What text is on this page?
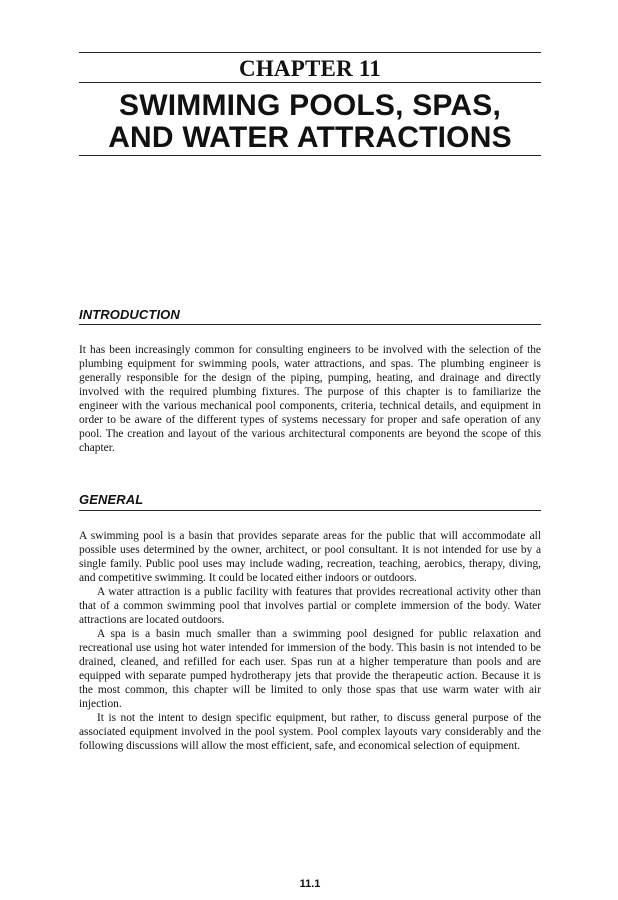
CHAPTER 11
SWIMMING POOLS, SPAS,
AND WATER ATTRACTIONS
INTRODUCTION

It has been increasingly common for consulting engineers to be involved with the selection of the plumbing equipment for swimming pools, water attractions, and spas. The plumbing engineer is generally responsible for the design of the piping, pumping, heating, and drainage and directly involved with the required plumbing fixtures. The purpose of this chapter is to familiarize the engineer with the various mechanical pool components, criteria, technical details, and equipment in order to be aware of the different types of systems necessary for proper and safe operation of any pool. The creation and layout of the various architectural components are beyond the scope of this chapter.

GENERAL

A swimming pool is a basin that provides separate areas for the public that will accommodate all possible uses determined by the owner, architect, or pool consultant. It is not intended for use by a single family. Public pool uses may include wading, recreation, teaching, aerobics, therapy, diving, and competitive swimming. It could be located either indoors or outdoors.

A water attraction is a public facility with features that provides recreational activity other than that of a common swimming pool that involves partial or complete immersion of the body. Water attractions are located outdoors.

A spa is a basin much smaller than a swimming pool designed for public relaxation and recreational use using hot water intended for immersion of the body. This basin is not intended to be drained, cleaned, and refilled for each user. Spas run at a higher temperature than pools and are equipped with separate pumped hydrotherapy jets that provide the therapeutic action. Because it is the most common, this chapter will be limited to only those spas that use warm water with air injection.

It is not the intent to design specific equipment, but rather, to discuss general purpose of the associated equipment involved in the pool system. Pool complex layouts vary considerably and the following discussions will allow the most efficient, safe, and economical selection of equipment.

11.1
